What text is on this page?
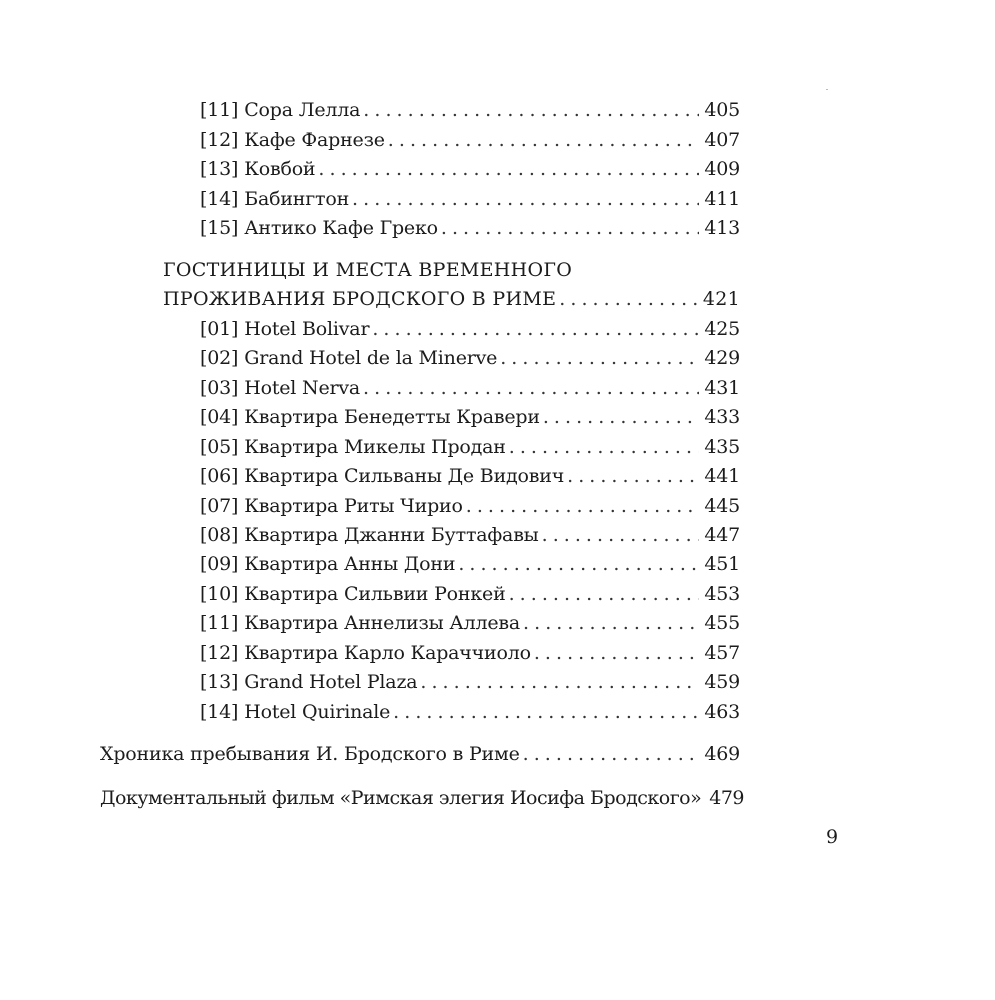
[ 11 ] Сора Лелла . . .	405
[ 12 ] Кафе Фарнезе . . .	407
[ 13 ] Ковбой . . .	409
[ 14 ] Бабингтон . . .	411
[ 15 ] Антико Кафе Греко . . .	413
ГОСТИНИЦЫ И МЕСТА ВРЕМЕННОГО
ПРОЖИВАНИЯ БРОДСКОГО В РИМЕ . . .	421
[ 01 ] Hotel Bolivar . . .	425
[ 02 ] Grand Hotel de la Minerve . . .	429
[ 03 ] Hotel Nerva . . .	431
[ 04 ] Квартира Бенедетты Кравери . . .	433
[ 05 ] Квартира Микелы Продан . . .	435
[ 06 ] Квартира Сильваны Де Видович . . .	441
[ 07 ] Квартира Риты Чирио . . .	445
[ 08 ] Квартира Джанни Буттафавы . . .	447
[ 09 ] Квартира Анны Дони . . .	451
[ 10 ] Квартира Сильвии Ронкей . . .	453
[ 11 ] Квартира Аннелизы Аллева . . .	455
[ 12 ] Квартира Карло Караччиоло . . .	457
[ 13 ] Grand Hotel Plaza . . .	459
[ 14 ] Hotel Quirinale . . .	463
Хроника пребывания И. Бродского в Риме . . .	469
Документальный фильм «Римская элегия Иосифа Бродского» 479
9
